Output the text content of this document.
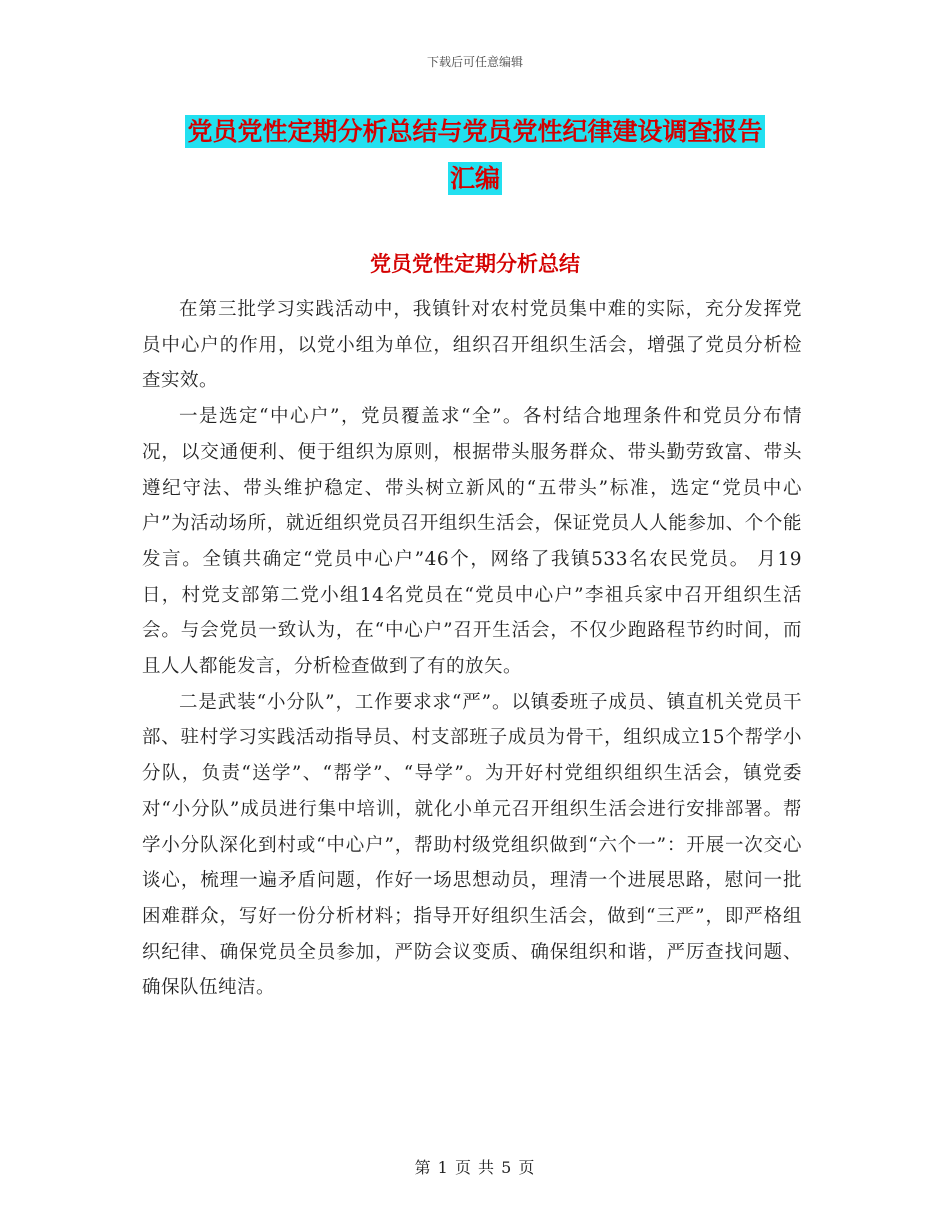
下载后可任意编辑
党员党性定期分析总结与党员党性纪律建设调查报告
汇编
党员党性定期分析总结

在第三批学习实践活动中，我镇针对农村党员集中难的实际，充分发挥党员中心户的作用，以党小组为单位，组织召开组织生活会，增强了党员分析检查实效。

一是选定“中心户”，党员覆盖求“全”。各村结合地理条件和党员分布情况，以交通便利、便于组织为原则，根据带头服务群众、带头勤劳致富、带头遵纪守法、带头维护稳定、带头树立新风的“五带头”标准，选定“党员中心户”为活动场所，就近组织党员召开组织生活会，保证党员人人能参加、个个能发言。全镇共确定“党员中心户”46个，网络了我镇533名农民党员。 月19日，村党支部第二党小组14名党员在“党员中心户”李祖兵家中召开组织生活会。与会党员一致认为，在“中心户”召开生活会，不仅少跑路程节约时间，而且人人都能发言，分析检查做到了有的放矢。

二是武装“小分队”，工作要求求“严”。以镇委班子成员、镇直机关党员干部、驻村学习实践活动指导员、村支部班子成员为骨干，组织成立15个帮学小分队，负责“送学”、“帮学”、“导学”。为开好村党组织组织生活会，镇党委对“小分队”成员进行集中培训，就化小单元召开组织生活会进行安排部署。帮学小分队深化到村或“中心户”，帮助村级党组织做到“六个一”：开展一次交心谈心，梳理一遍矛盾问题，作好一场思想动员，理清一个进展思路，慰问一批困难群众，写好一份分析材料；指导开好组织生活会，做到“三严”，即严格组织纪律、确保党员全员参加，严防会议变质、确保组织和谐，严厉查找问题、确保队伍纯洁。

第 1 页 共 5 页
